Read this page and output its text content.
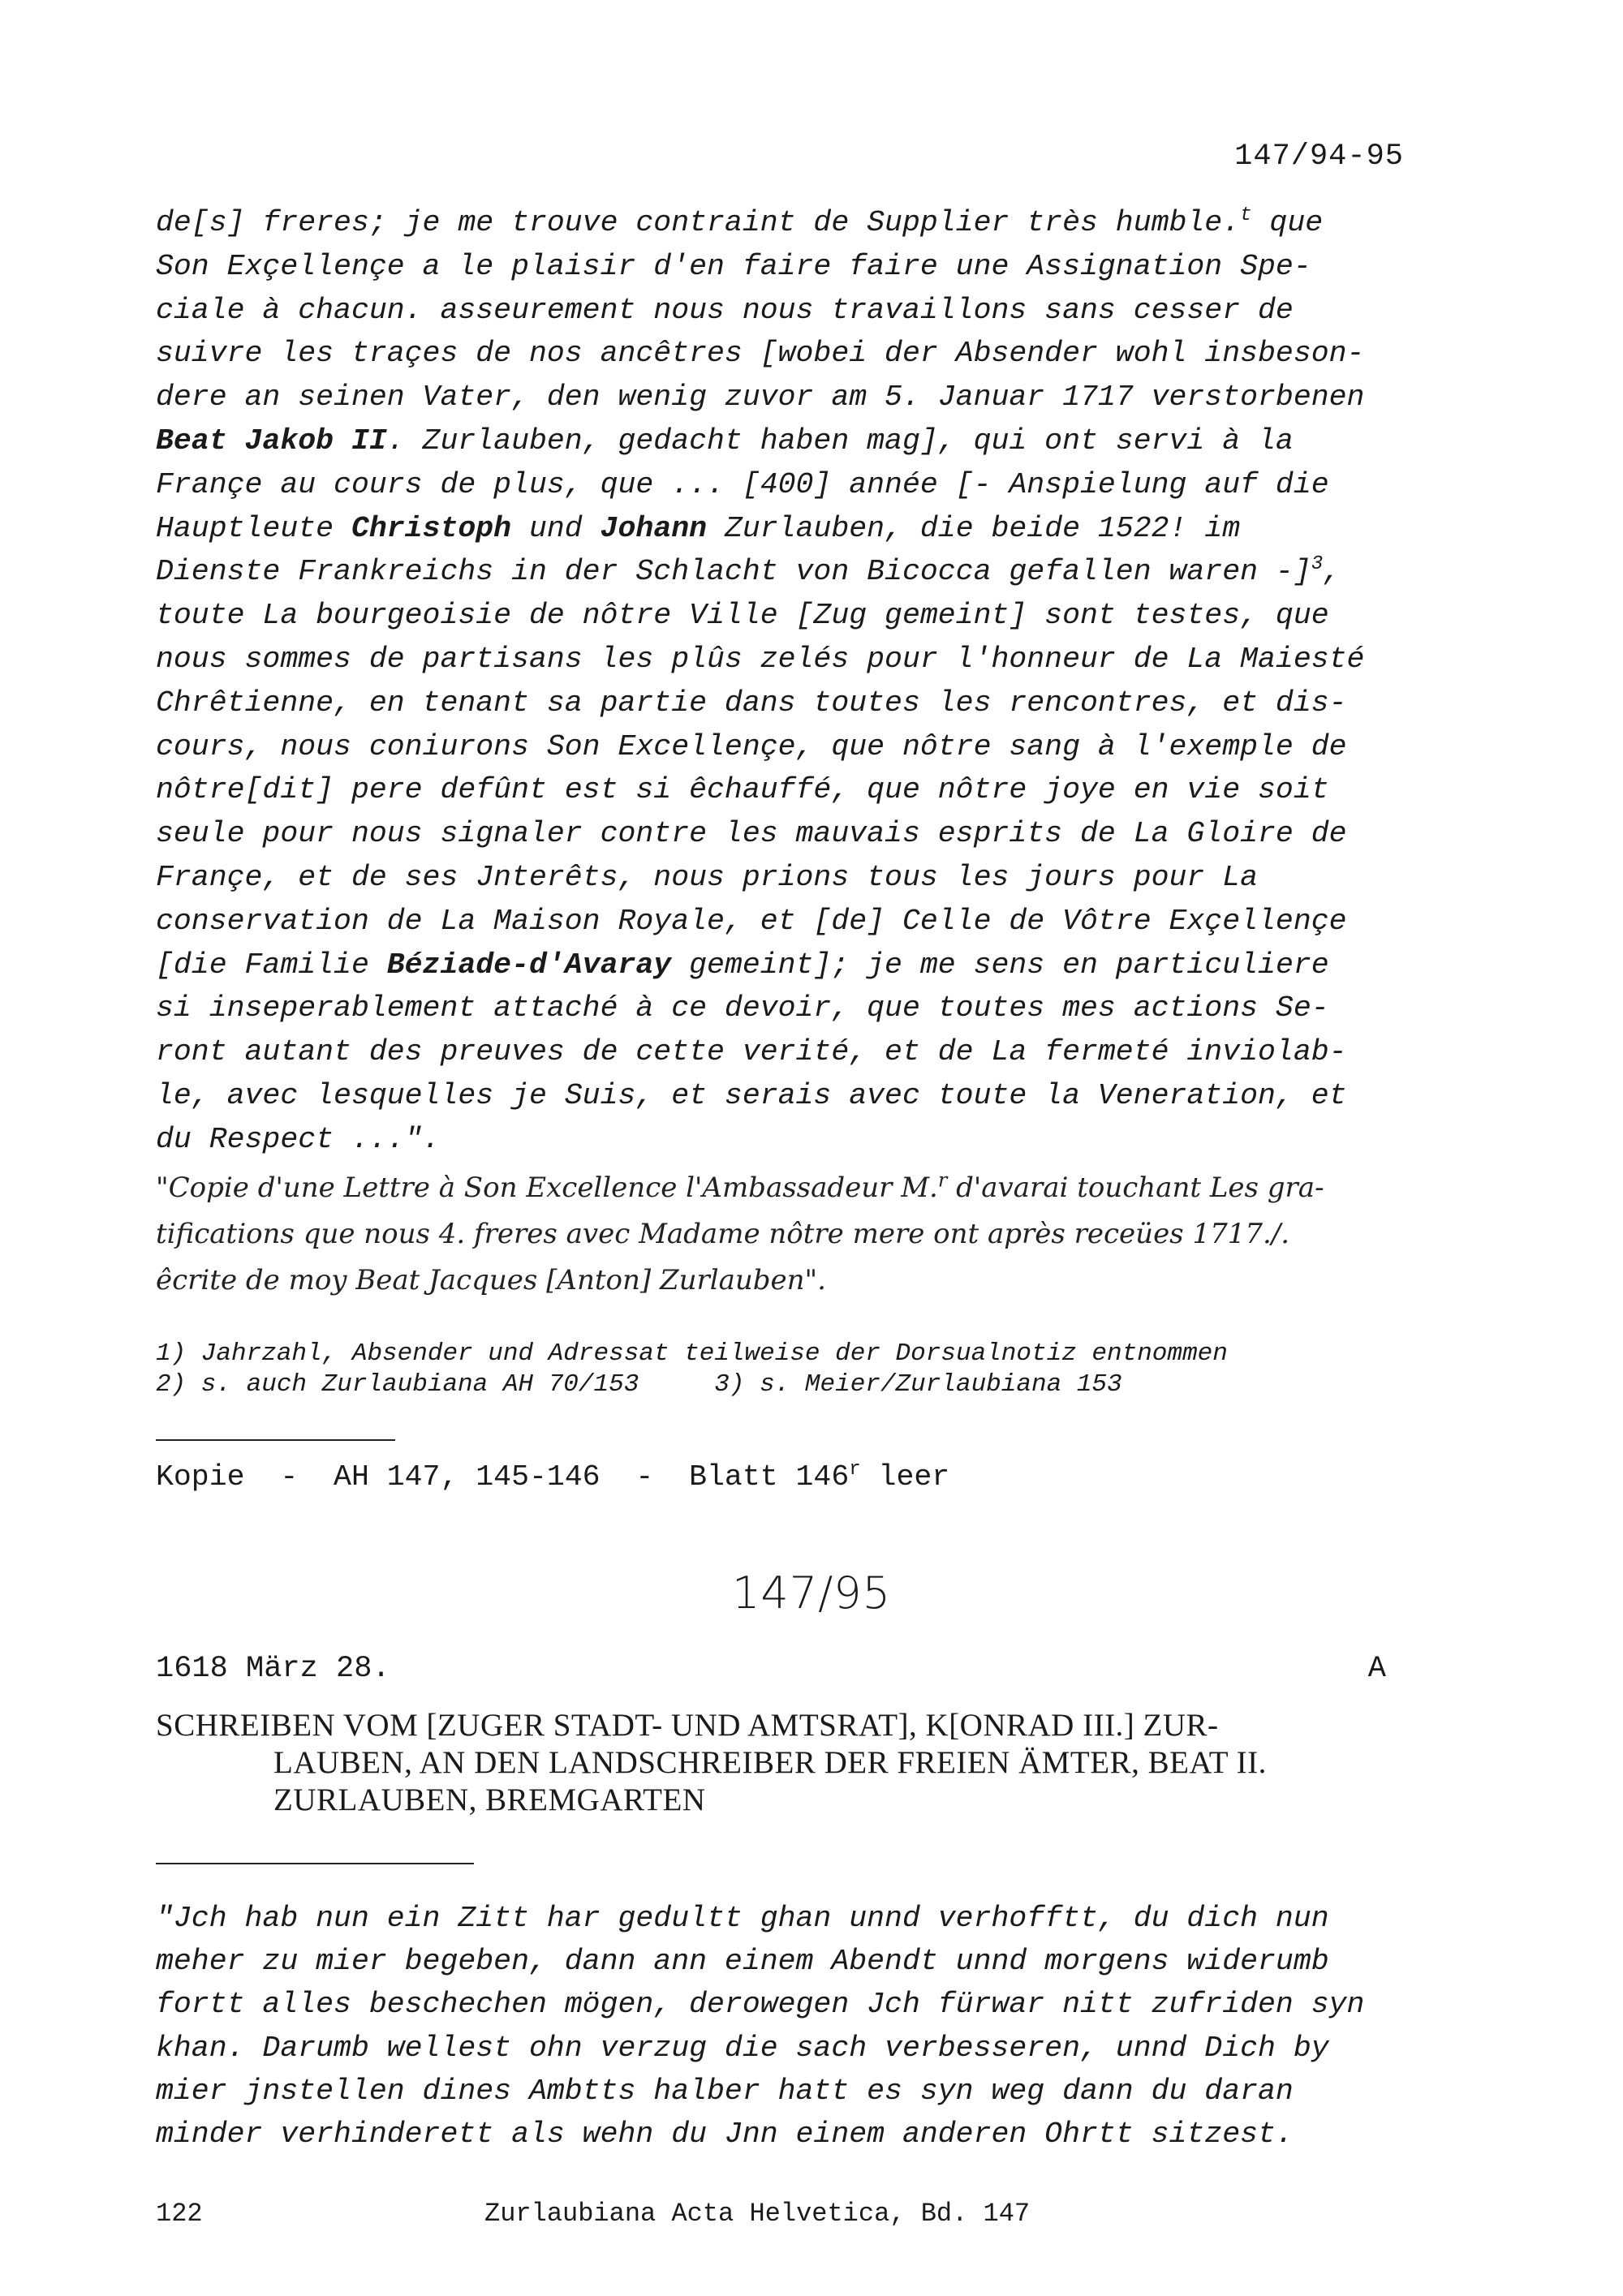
147/94-95
de[s] freres; je me trouve contraint de Supplier très humble.$^t$ que
Son Exçellençe a le plaisir d'en faire faire une Assignation Spe-
ciale à chacun. asseurement nous nous travaillons sans cesser de
suivre les traçes de nos ancêtres [wobei der Absender wohl insbeson-
dere an seinen Vater, den wenig zuvor am 5. Januar 1717 verstorbenen
Beat Jakob II. Zurlauben, gedacht haben mag], qui ont servi à la
Françe au cours de plus, que ... [400] année [- Anspielung auf die
Hauptleute Christoph und Johann Zurlauben, die beide 1522! im
Dienste Frankreichs in der Schlacht von Bicocca gefallen waren -]$^3$,
toute La bourgeoisie de nôtre Ville [Zug gemeint] sont testes, que
nous sommes de partisans les plûs zelés pour l'honneur de La Maiesté
Chrêtienne, en tenant sa partie dans toutes les rencontres, et dis-
cours, nous coniurons Son Excellençe, que nôtre sang à l'exemple de
nôtre[dit] pere defûnt est si êchauffé, que nôtre joye en vie soit
seule pour nous signaler contre les mauvais esprits de La Gloire de
Françe, et de ses Jnterêts, nous prions tous les jours pour La
conservation de La Maison Royale, et [de] Celle de Vôtre Exçellençe
[die Familie Béziade-d'Avaray gemeint]; je me sens en particuliere
si inseperablement attaché à ce devoir, que toutes mes actions Se-
ront autant des preuves de cette verité, et de La fermeté inviolab-
le, avec lesquelles je Suis, et serais avec toute la Veneration, et
du Respect ...".
"Copie d'une Lettre à Son Excellence l'Ambassadeur M.$^r$ d'avarai touchant Les gra-
tifications que nous 4. freres avec Madame nôtre mere ont après receües 1717./.
êcrite de moy Beat Jacques [Anton] Zurlauben".
1) Jahrzahl, Absender und Adressat teilweise der Dorsualnotiz entnommen
2) s. auch Zurlaubiana AH 70/153     3) s. Meier/Zurlaubiana 153
Kopie  -  AH 147, 145-146  -  Blatt 146$^r$ leer
147/95
1618 März 28.	A
SCHREIBEN VOM [ZUGER STADT- UND AMTSRAT], K[ONRAD III.] ZUR-
LAUBEN, AN DEN LANDSCHREIBER DER FREIEN ÄMTER, BEAT II.
ZURLAUBEN, BREMGARTEN
"Jch hab nun ein Zitt har gedultt ghan unnd verhofftt, du dich nun
meher zu mier begeben, dann ann einem Abendt unnd morgens widerumb
fortt alles beschechen mögen, derowegen Jch fürwar nitt zufriden syn
khan. Darumb wellest ohn verzug die sach verbesseren, unnd Dich by
mier jnstellen dines Ambtts halber hatt es syn weg dann du daran
minder verhinderett als wehn du Jnn einem anderen Ohrtt sitzest.
122	Zurlaubiana Acta Helvetica, Bd. 147
